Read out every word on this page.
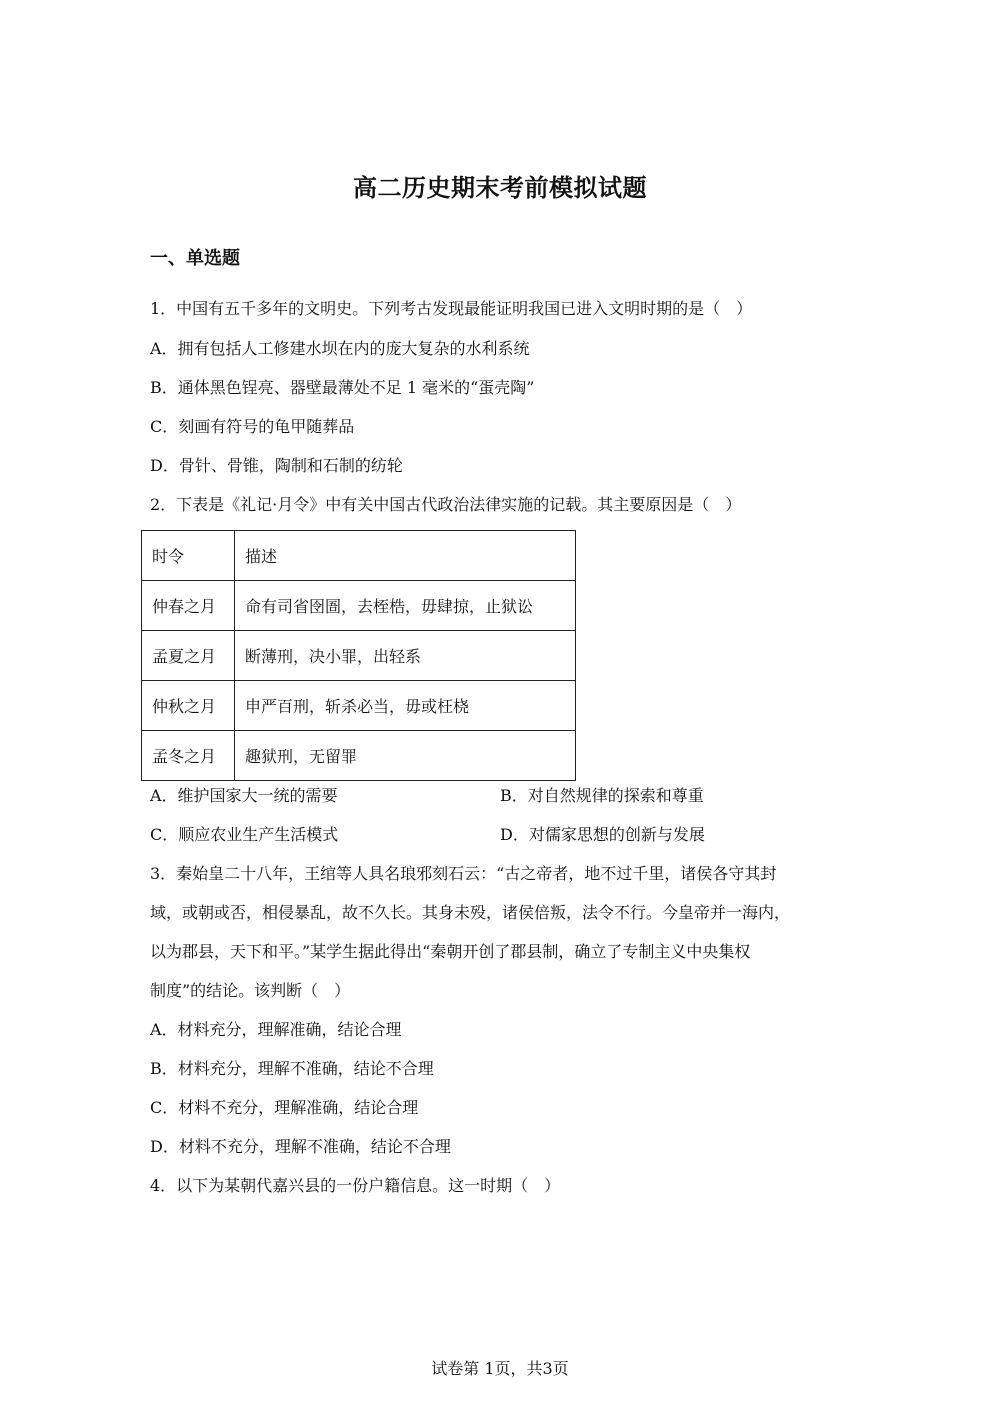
高二历史期末考前模拟试题
一、单选题
1．中国有五千多年的文明史。下列考古发现最能证明我国已进入文明时期的是（　）
A．拥有包括人工修建水坝在内的庞大复杂的水利系统
B．通体黑色锃亮、器壁最薄处不足 1 毫米的“蛋壳陶”
C．刻画有符号的龟甲随葬品
D．骨针、骨锥，陶制和石制的纺轮
2．下表是《礼记·月令》中有关中国古代政治法律实施的记载。其主要原因是（　）
时令	描述
仲春之月	命有司省囹圄，去桎梏，毋肆掠，止狱讼
孟夏之月	断薄刑，决小罪，出轻系
仲秋之月	申严百刑，斩杀必当，毋或枉桡
孟冬之月	趣狱刑，无留罪
A．维护国家大一统的需要	B．对自然规律的探索和尊重
C．顺应农业生产生活模式	D．对儒家思想的创新与发展
3．秦始皇二十八年，王绾等人具名琅邪刻石云：“古之帝者，地不过千里，诸侯各守其封
域，或朝或否，相侵暴乱，故不久长。其身未殁，诸侯倍叛，法令不行。今皇帝并一海内，
以为郡县，天下和平。”某学生据此得出“秦朝开创了郡县制，确立了专制主义中央集权
制度”的结论。该判断（　）
A．材料充分，理解准确，结论合理
B．材料充分，理解不准确，结论不合理
C．材料不充分，理解准确，结论合理
D．材料不充分，理解不准确，结论不合理
4．以下为某朝代嘉兴县的一份户籍信息。这一时期（　）
试卷第 1页，共3页
